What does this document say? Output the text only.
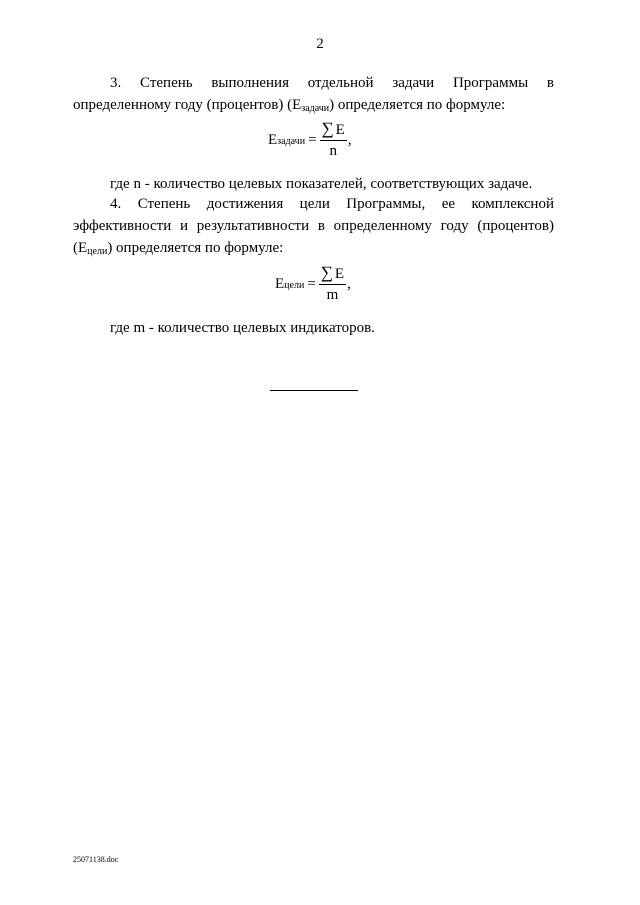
2
3. Степень выполнения отдельной задачи Программы в
определенному году (процентов) $(Е_{задачи})$ определяется по формуле:
Е задачи = $\frac{\sum Е}{n}$ ,
где n - количество целевых показателей, соответствующих задаче.
4. Степень достижения цели Программы, ее комплексной
эффективности и результативности в определенному году (процентов)
$(Е_{цели})$ определяется по формуле:
Е цели = $\frac{\sum Е}{m}$ ,
где m - количество целевых индикаторов.
25071138.doc
